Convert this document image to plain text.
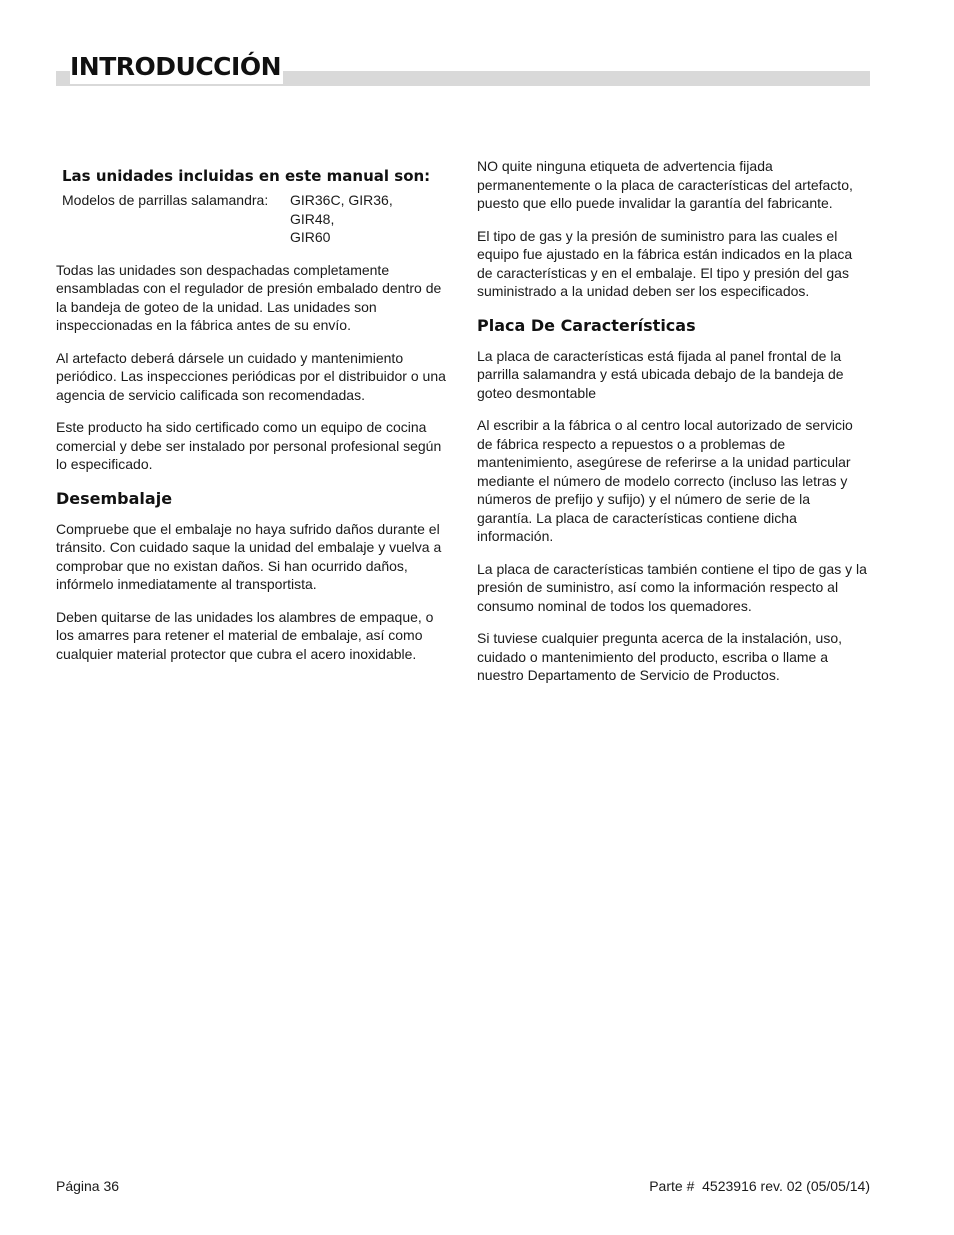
INTRODUCCIÓN
Las unidades incluidas en este manual son:
Modelos de parrillas salamandra:	GIR36C, GIR36,
GIR48,
GIR60

Todas las unidades son despachadas completamente ensambladas con el regulador de presión embalado dentro de la bandeja de goteo de la unidad. Las unidades son inspeccionadas en la fábrica antes de su envío.

Al artefacto deberá dársele un cuidado y mantenimiento periódico. Las inspecciones periódicas por el distribuidor o una agencia de servicio calificada son recomendadas.

Este producto ha sido certificado como un equipo de cocina comercial y debe ser instalado por personal profesional según lo especificado.

Desembalaje

Compruebe que el embalaje no haya sufrido daños durante el tránsito. Con cuidado saque la unidad del embalaje y vuelva a comprobar que no existan daños. Si han ocurrido daños, infórmelo inmediatamente al transportista.

Deben quitarse de las unidades los alambres de empaque, o los amarres para retener el material de embalaje, así como cualquier material protector que cubra el acero inoxidable.

NO quite ninguna etiqueta de advertencia fijada permanentemente o la placa de características del artefacto, puesto que ello puede invalidar la garantía del fabricante.

El tipo de gas y la presión de suministro para las cuales el equipo fue ajustado en la fábrica están indicados en la placa de características y en el embalaje. El tipo y presión del gas suministrado a la unidad deben ser los especificados.

Placa De Características

La placa de características está fijada al panel frontal de la parrilla salamandra y está ubicada debajo de la bandeja de goteo desmontable

Al escribir a la fábrica o al centro local autorizado de servicio de fábrica respecto a repuestos o a problemas de mantenimiento, asegúrese de referirse a la unidad particular mediante el número de modelo correcto (incluso las letras y números de prefijo y sufijo) y el número de serie de la garantía. La placa de características contiene dicha información.

La placa de características también contiene el tipo de gas y la presión de suministro, así como la información respecto al consumo nominal de todos los quemadores.

Si tuviese cualquier pregunta acerca de la instalación, uso, cuidado o mantenimiento del producto, escriba o llame a nuestro Departamento de Servicio de Productos.

Página 36	Parte #  4523916 rev. 02 (05/05/14)
